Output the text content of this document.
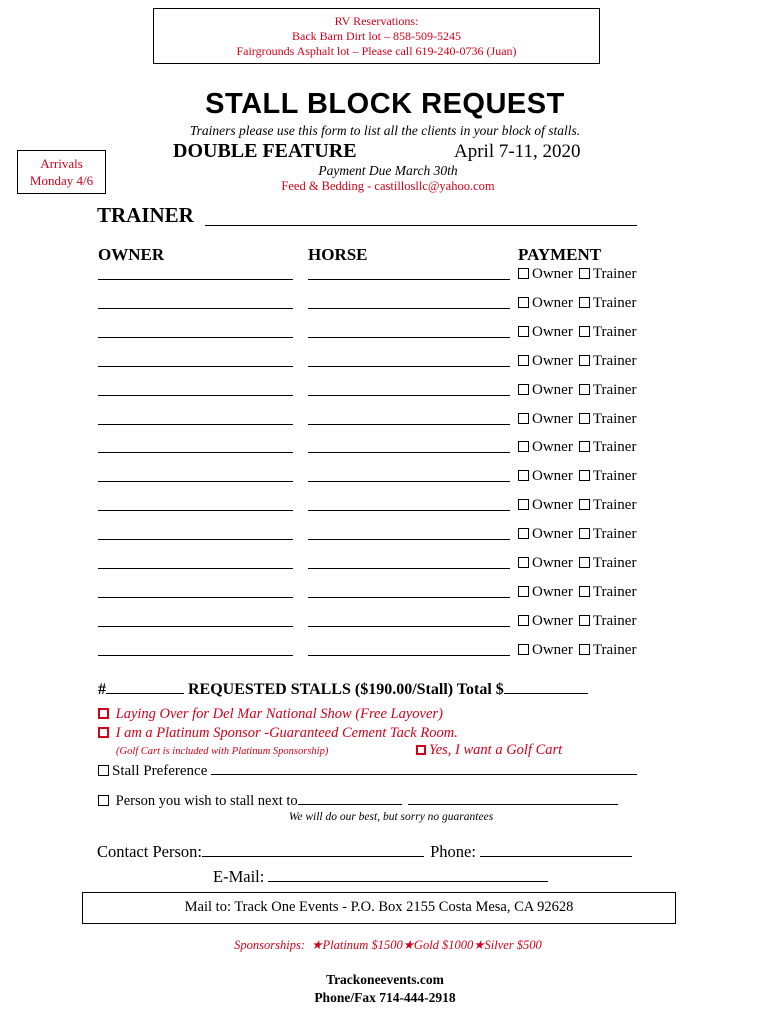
RV Reservations:
Back Barn Dirt lot – 858-509-5245
Fairgrounds Asphalt lot – Please call 619-240-0736 (Juan)
STALL BLOCK REQUEST
Trainers please use this form to list all the clients in your block of stalls.
Arrivals
Monday 4/6
DOUBLE FEATURE	April 7-11, 2020
Payment Due March 30th
Feed & Bedding - castillosllc@yahoo.com
TRAINER
OWNER	HORSE	PAYMENT
Owner Trainer
Owner Trainer
Owner Trainer
Owner Trainer
Owner Trainer
Owner Trainer
Owner Trainer
Owner Trainer
Owner Trainer
Owner Trainer
Owner Trainer
Owner Trainer
Owner Trainer
Owner Trainer
#	REQUESTED STALLS ($190.00/Stall) Total $
Laying Over for Del Mar National Show (Free Layover)
I am a Platinum Sponsor -Guaranteed Cement Tack Room.
(Golf Cart is included with Platinum Sponsorship)	Yes, I want a Golf Cart
Stall Preference
Person you wish to stall next to
We will do our best, but sorry no guarantees
Contact Person:	Phone:
E-Mail:
Mail to: Track One Events - P.O. Box 2155 Costa Mesa, CA 92628
Sponsorships: ★Platinum $1500★Gold $1000★Silver $500
Trackoneevents.com
Phone/Fax 714-444-2918
